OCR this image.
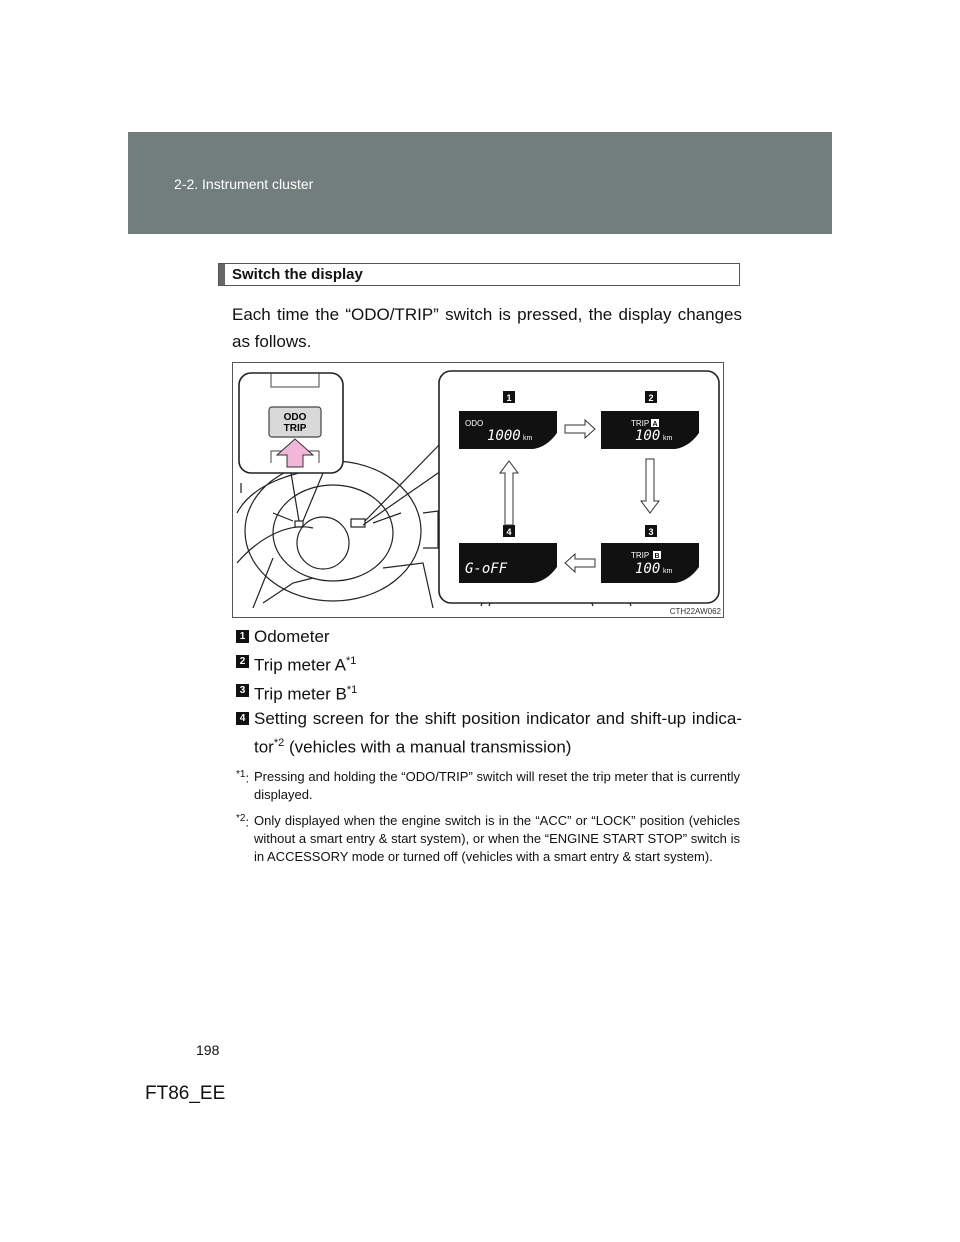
2-2. Instrument cluster
Switch the display
Each time the “ODO/TRIP” switch is pressed, the display changes as follows.
ODO
TRIP
1	2
3
4
ODO
1000 km
TRIP A
100 km
TRIP B
100 km
G-oFF
CTH22AW062
1 Odometer
2 Trip meter $A^{*1}$
3 Trip meter $B^{*1}$
4 Setting screen for the shift position indicator and shift-up indica-tor$^{*2}$ (vehicles with a manual transmission)
$^{*1}$: Pressing and holding the “ODO/TRIP” switch will reset the trip meter that is currently displayed.
$^{*2}$: Only displayed when the engine switch is in the “ACC” or “LOCK” position (vehicles without a smart entry & start system), or when the “ENGINE START STOP” switch is in ACCESSORY mode or turned off (vehicles with a smart entry & start system).
198
FT86_EE
